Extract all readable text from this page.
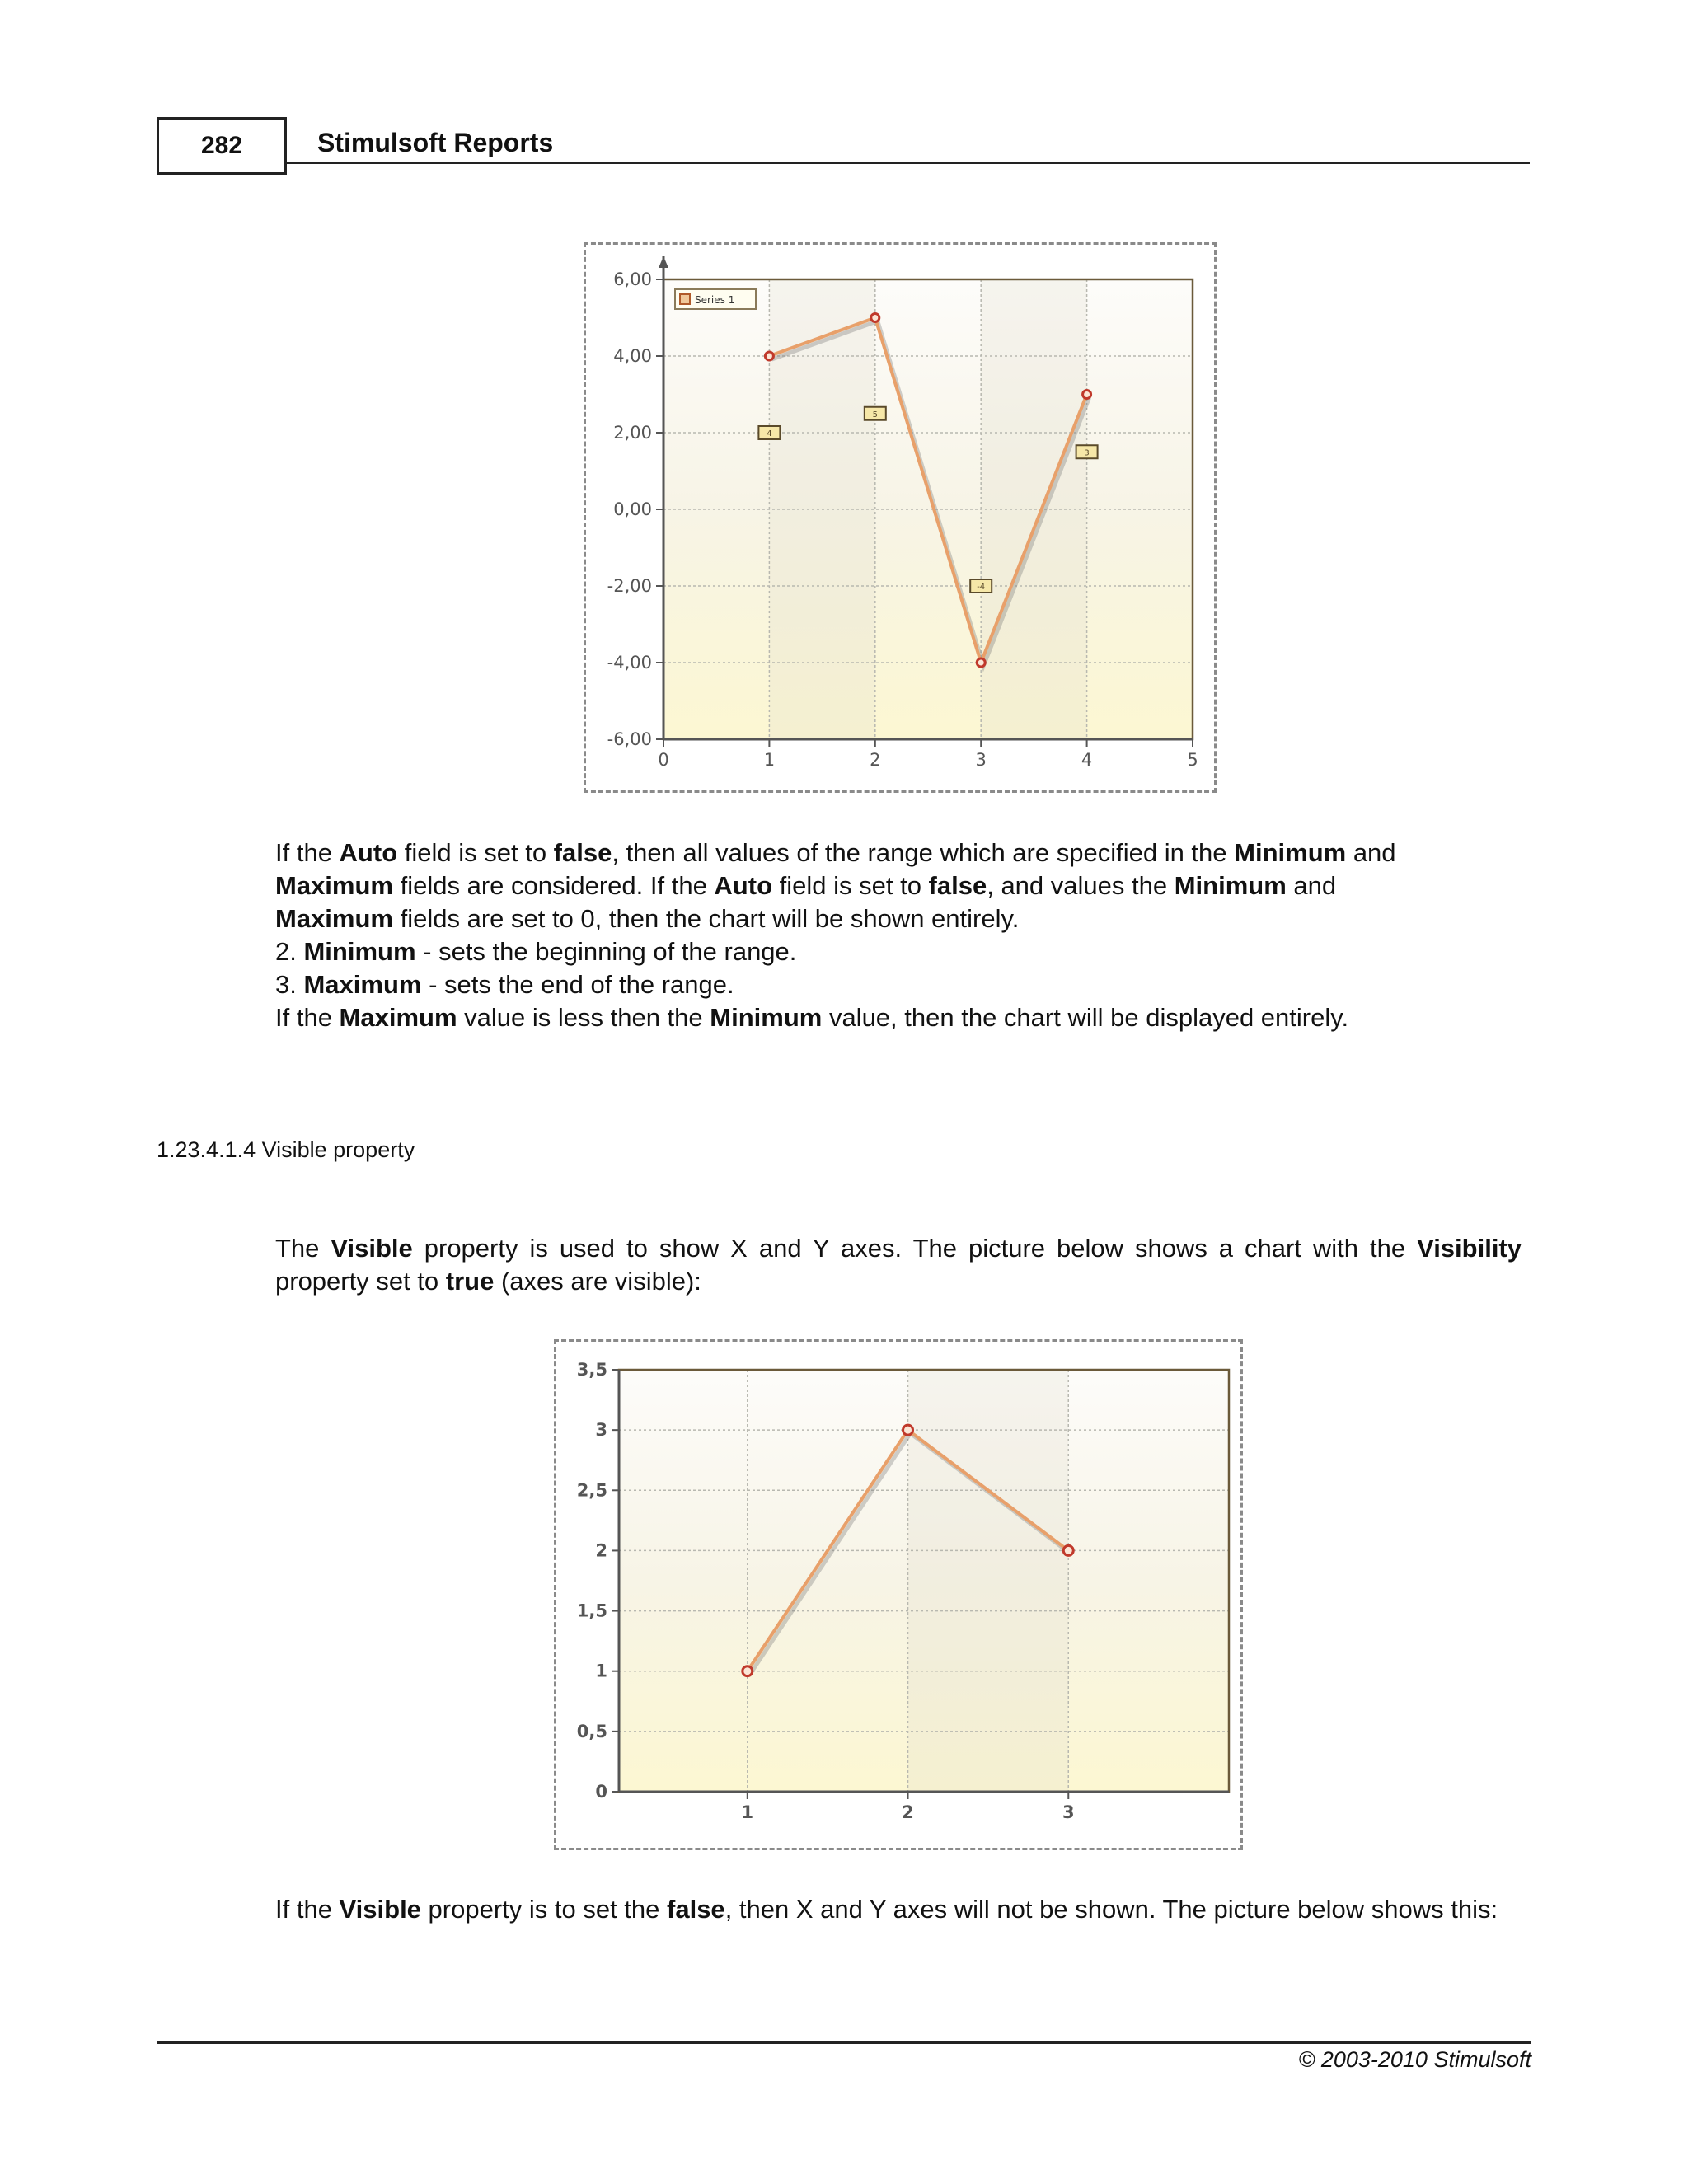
282	Stimulsoft Reports
6,00
4,00
2,00
0,00
-2,00
-4,00
-6,00
0	1	2	3	4	5
4
5
-4
3
Series 1
If the Auto field is set to false, then all values of the range which are specified in the Minimum and
Maximum fields are considered. If the Auto field is set to false, and values the Minimum and
Maximum fields are set to 0, then the chart will be shown entirely.
2. Minimum - sets the beginning of the range.
3. Maximum - sets the end of the range.
If the Maximum value is less then the Minimum value, then the chart will be displayed entirely.
1.23.4.1.4 Visible property
The Visible property is used to show X and Y axes. The picture below shows a chart with the Visibility property set to true (axes are visible):
3,5
3
2,5
2
1,5
1
0,5
0
1	2	3
If the Visible property is to set the false, then X and Y axes will not be shown. The picture below shows this:
© 2003-2010 Stimulsoft
